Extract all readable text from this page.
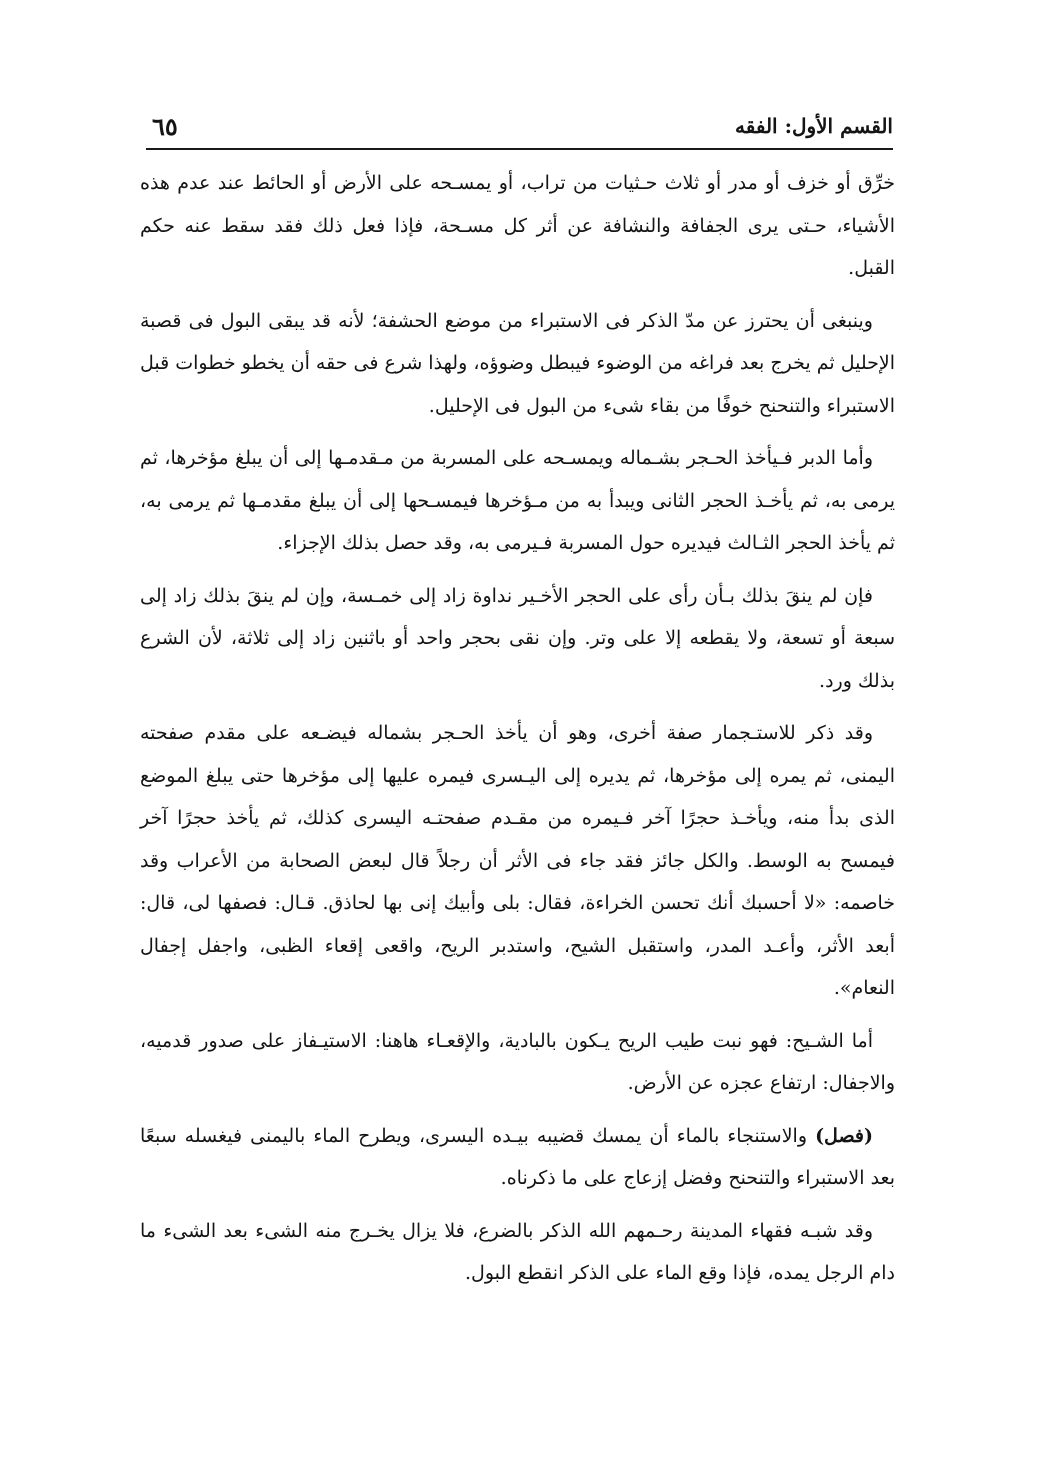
القسم الأول: الفقه
٦٥

خرِّق أو خزف أو مدر أو ثلاث حـثيات من تراب، أو يمسـحه على الأرض أو الحائط عند عدم هذه الأشياء، حـتى يرى الجفافة والنشافة عن أثر كل مسـحة، فإذا فعل ذلك فقد سقط عنه حكم القبل.

وينبغى أن يحترز عن مدّ الذكر فى الاستبراء من موضع الحشفة؛ لأنه قد يبقى البول فى قصبة الإحليل ثم يخرج بعد فراغه من الوضوء فيبطل وضوؤه، ولهذا شرع فى حقه أن يخطو خطوات قبل الاستبراء والتنحنح خوفًا من بقاء شىء من البول فى الإحليل.

وأما الدبر فـيأخذ الحـجر بشـماله ويمسـحه على المسربة من مـقدمـها إلى أن يبلغ مؤخرها، ثم يرمى به، ثم يأخـذ الحجر الثانى ويبدأ به من مـؤخرها فيمسـحها إلى أن يبلغ مقدمـها ثم يرمى به، ثم يأخذ الحجر الثـالث فيديره حول المسربة فـيرمى به، وقد حصل بذلك الإجزاء.

فإن لم ينقَ بذلك بـأن رأى على الحجر الأخـير نداوة زاد إلى خمـسة، وإن لم ينقَ بذلك زاد إلى سبعة أو تسعة، ولا يقطعه إلا على وتر. وإن نقى بحجر واحد أو باثنين زاد إلى ثلاثة، لأن الشرع بذلك ورد.

وقد ذكر للاستـجمار صفة أخرى، وهو أن يأخذ الحـجر بشماله فيضـعه على مقدم صفحته اليمنى، ثم يمره إلى مؤخرها، ثم يديره إلى اليـسرى فيمره عليها إلى مؤخرها حتى يبلغ الموضع الذى بدأ منه، ويأخـذ حجرًا آخر فـيمره من مقـدم صفحتـه اليسرى كذلك، ثم يأخذ حجرًا آخر فيمسح به الوسط. والكل جائز فقد جاء فى الأثر أن رجلاً قال لبعض الصحابة من الأعراب وقد خاصمه: «لا أحسبك أنك تحسن الخراءة، فقال: بلى وأبيك إنى بها لحاذق. قـال: فصفها لى، قال: أبعد الأثر، وأعـد المدر، واستقبل الشيح، واستدبر الريح، واقعى إقعاء الظبى، واجفل إجفال النعام».

أما الشـيح: فهو نبت طيب الريح يـكون بالبادية، والإقعـاء هاهنا: الاستيـفاز على صدور قدميه، والاجفال: ارتفاع عجزه عن الأرض.

(فصل) والاستنجاء بالماء أن يمسك قضيبه بيـده اليسرى، ويطرح الماء باليمنى فيغسله سبعًا بعد الاستبراء والتنحنح وفضل إزعاج على ما ذكرناه.

وقد شبـه فقهاء المدينة رحـمهم الله الذكر بالضرع، فلا يزال يخـرج منه الشىء بعد الشىء ما دام الرجل يمده، فإذا وقع الماء على الذكر انقطع البول.
